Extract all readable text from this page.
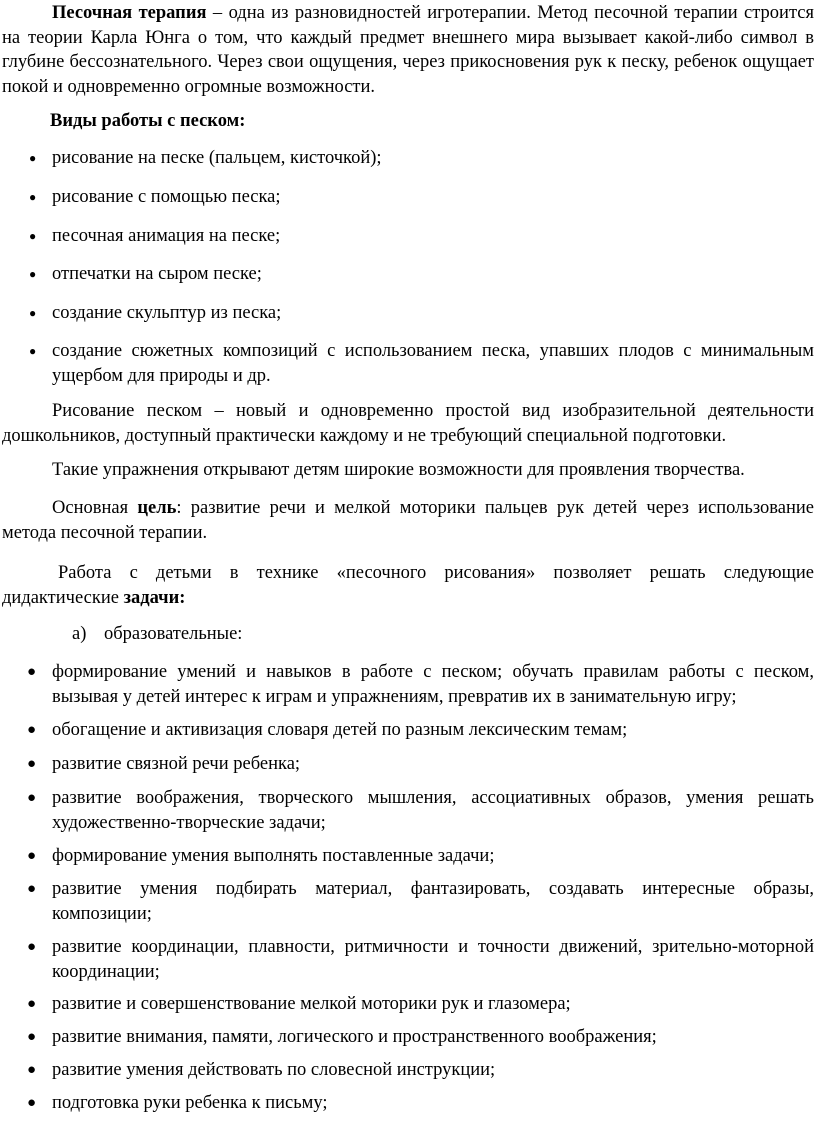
Песочная терапия – одна из разновидностей игротерапии. Метод песочной терапии строится на теории Карла Юнга о том, что каждый предмет внешнего мира вызывает какой-либо символ в глубине бессознательного. Через свои ощущения, через прикосновения рук к песку, ребенок ощущает покой и одновременно огромные возможности.

Виды работы с песком:

● рисование на песке (пальцем, кисточкой);

● рисование с помощью песка;

● песочная анимация на песке;

● отпечатки на сыром песке;

● создание скульптур из песка;

● создание сюжетных композиций с использованием песка, упавших плодов с минимальным ущербом для природы и др.

Рисование песком – новый и одновременно простой вид изобразительной деятельности дошкольников, доступный практически каждому и не требующий специальной подготовки.

Такие упражнения открывают детям широкие возможности для проявления творчества.

Основная цель: развитие речи и мелкой моторики пальцев рук детей через использование метода песочной терапии.

Работа с детьми в технике «песочного рисования» позволяет решать следующие дидактические задачи:

а) образовательные:

● формирование умений и навыков в работе с песком; обучать правилам работы с песком, вызывая у детей интерес к играм и упражнениям, превратив их в занимательную игру;

● обогащение и активизация словаря детей по разным лексическим темам;

● развитие связной речи ребенка;

● развитие воображения, творческого мышления, ассоциативных образов, умения решать художественно-творческие задачи;

● формирование умения выполнять поставленные задачи;

● развитие умения подбирать материал, фантазировать, создавать интересные образы, композиции;

● развитие координации, плавности, ритмичности и точности движений, зрительно-моторной координации;

● развитие и совершенствование мелкой моторики рук и глазомера;

● развитие внимания, памяти, логического и пространственного воображения;

● развитие умения действовать по словесной инструкции;

● подготовка руки ребенка к письму;
